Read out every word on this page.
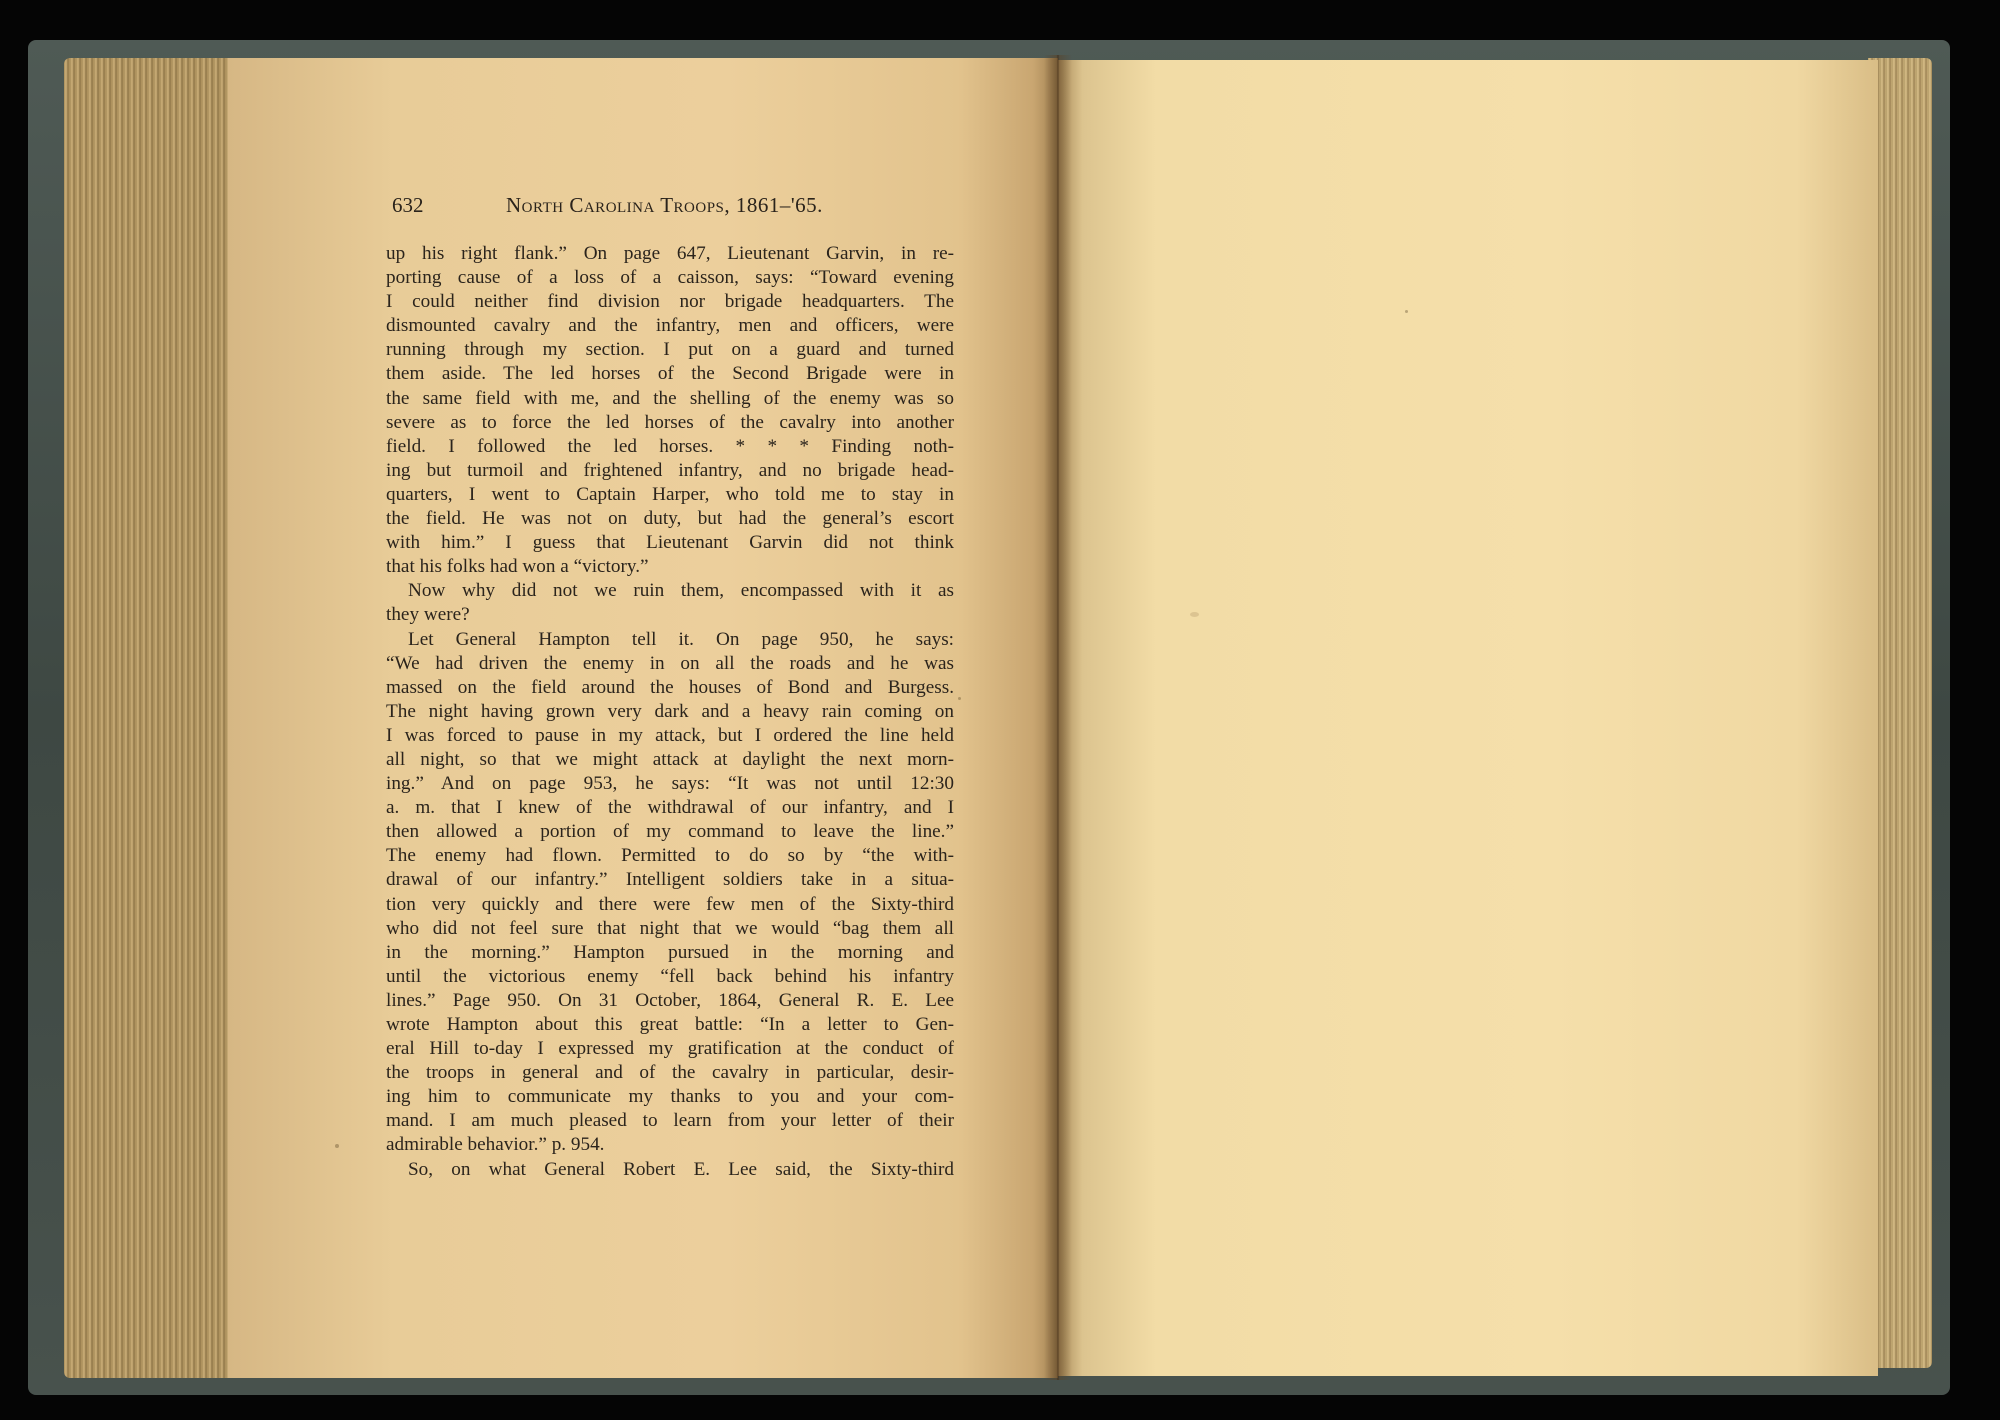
632	North Carolina Troops, 1861–'65.
up his right flank.” On page 647, Lieutenant Garvin, in re-
porting cause of a loss of a caisson, says: “Toward evening
I could neither find division nor brigade headquarters. The
dismounted cavalry and the infantry, men and officers, were
running through my section. I put on a guard and turned
them aside. The led horses of the Second Brigade were in
the same field with me, and the shelling of the enemy was so
severe as to force the led horses of the cavalry into another
field. I followed the led horses. * * * Finding noth-
ing but turmoil and frightened infantry, and no brigade head-
quarters, I went to Captain Harper, who told me to stay in
the field. He was not on duty, but had the general’s escort
with him.” I guess that Lieutenant Garvin did not think
that his folks had won a “victory.”
Now why did not we ruin them, encompassed with it as
they were?
Let General Hampton tell it. On page 950, he says:
“We had driven the enemy in on all the roads and he was
massed on the field around the houses of Bond and Burgess.
The night having grown very dark and a heavy rain coming on
I was forced to pause in my attack, but I ordered the line held
all night, so that we might attack at daylight the next morn-
ing.” And on page 953, he says: “It was not until 12:30
a. m. that I knew of the withdrawal of our infantry, and I
then allowed a portion of my command to leave the line.”
The enemy had flown. Permitted to do so by “the with-
drawal of our infantry.” Intelligent soldiers take in a situa-
tion very quickly and there were few men of the Sixty-third
who did not feel sure that night that we would “bag them all
in the morning.” Hampton pursued in the morning and
until the victorious enemy “fell back behind his infantry
lines.” Page 950. On 31 October, 1864, General R. E. Lee
wrote Hampton about this great battle: “In a letter to Gen-
eral Hill to-day I expressed my gratification at the conduct of
the troops in general and of the cavalry in particular, desir-
ing him to communicate my thanks to you and your com-
mand. I am much pleased to learn from your letter of their
admirable behavior.” p. 954.
So, on what General Robert E. Lee said, the Sixty-third
